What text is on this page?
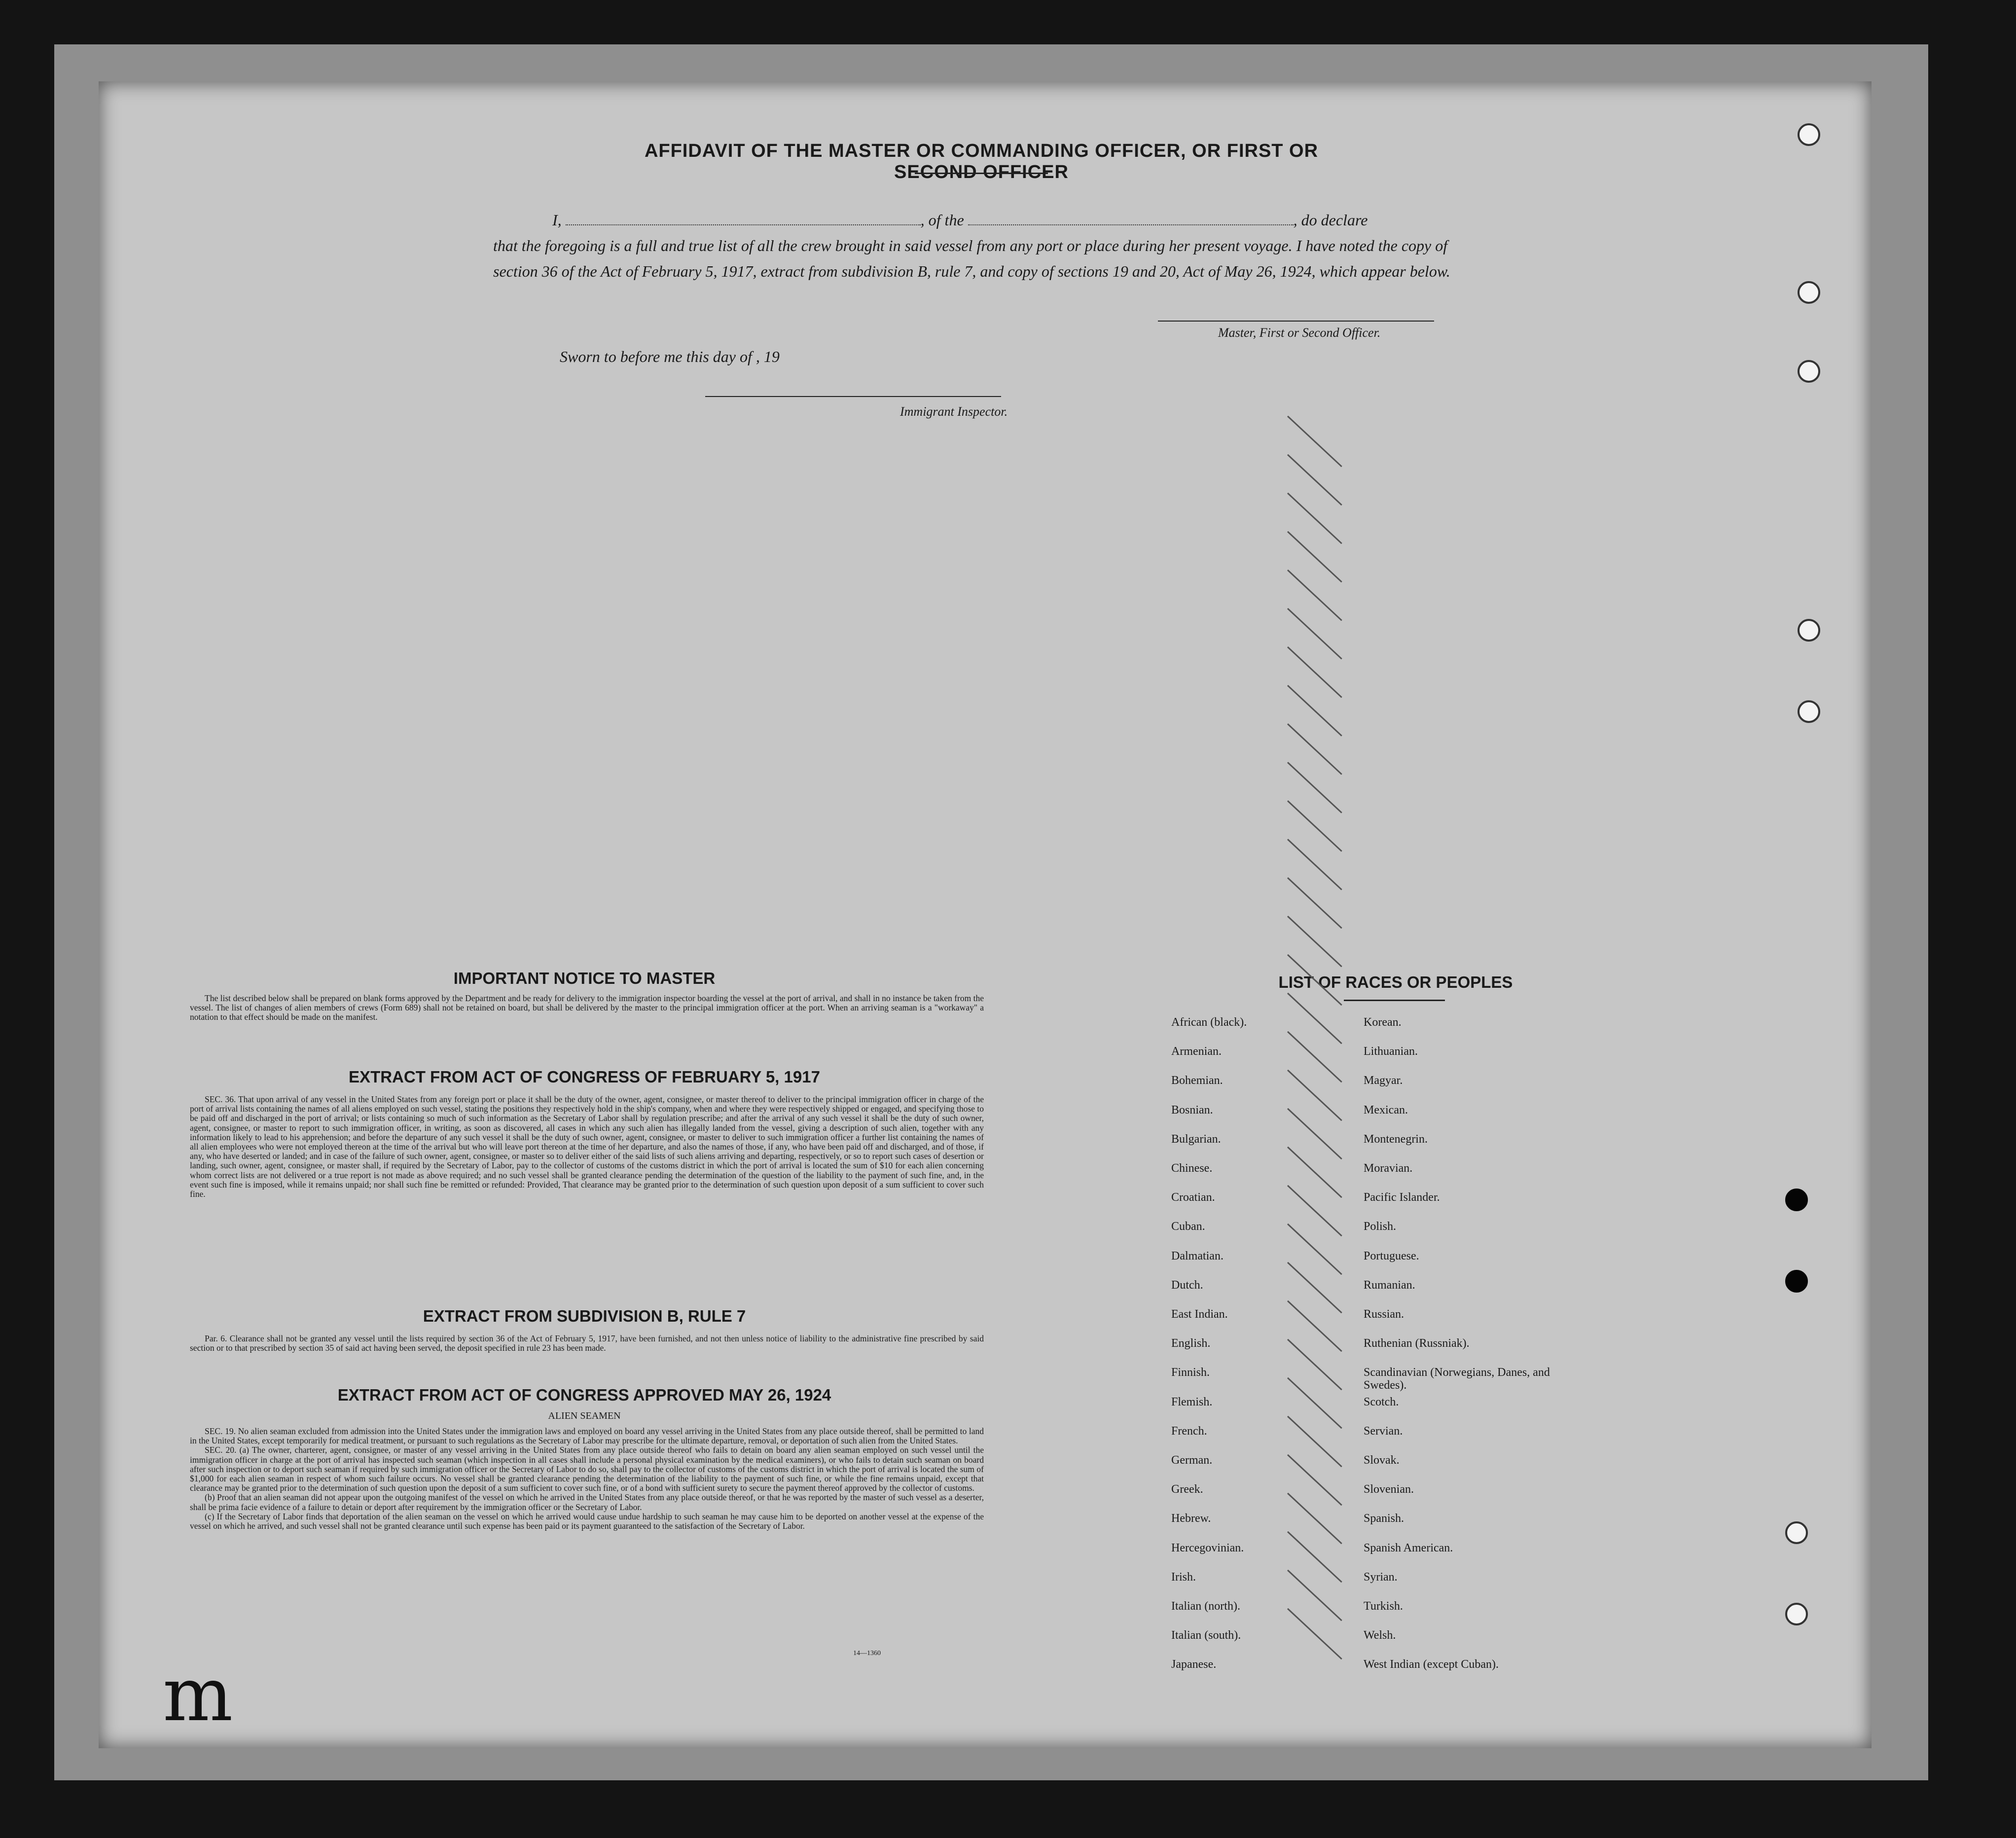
AFFIDAVIT OF THE MASTER OR COMMANDING OFFICER, OR FIRST OR SECOND OFFICER
I,	, of the	, do declare
that the foregoing is a full and true list of all the crew brought in said vessel from any port or place during her present voyage. I have noted the copy of section 36 of the Act of February 5, 1917, extract from subdivision B, rule 7, and copy of sections 19 and 20, Act of May 26, 1924, which appear below.
Master, First or Second Officer.
Sworn to before me this day of , 19
Immigrant Inspector.
IMPORTANT NOTICE TO MASTER

The list described below shall be prepared on blank forms approved by the Department and be ready for delivery to the immigration inspector boarding the vessel at the port of arrival, and shall in no instance be taken from the vessel. The list of changes of alien members of crews (Form 689) shall not be retained on board, but shall be delivered by the master to the principal immigration officer at the port. When an arriving seaman is a "workaway" a notation to that effect should be made on the manifest.

EXTRACT FROM ACT OF CONGRESS OF FEBRUARY 5, 1917

SEC. 36. That upon arrival of any vessel in the United States from any foreign port or place it shall be the duty of the owner, agent, consignee, or master thereof to deliver to the principal immigration officer in charge of the port of arrival lists containing the names of all aliens employed on such vessel, stating the positions they respectively hold in the ship's company, when and where they were respectively shipped or engaged, and specifying those to be paid off and discharged in the port of arrival; or lists containing so much of such information as the Secretary of Labor shall by regulation prescribe; and after the arrival of any such vessel it shall be the duty of such owner, agent, consignee, or master to report to such immigration officer, in writing, as soon as discovered, all cases in which any such alien has illegally landed from the vessel, giving a description of such alien, together with any information likely to lead to his apprehension; and before the departure of any such vessel it shall be the duty of such owner, agent, consignee, or master to deliver to such immigration officer a further list containing the names of all alien employees who were not employed thereon at the time of the arrival but who will leave port thereon at the time of her departure, and also the names of those, if any, who have been paid off and discharged, and of those, if any, who have deserted or landed; and in case of the failure of such owner, agent, consignee, or master so to deliver either of the said lists of such aliens arriving and departing, respectively, or so to report such cases of desertion or landing, such owner, agent, consignee, or master shall, if required by the Secretary of Labor, pay to the collector of customs of the customs district in which the port of arrival is located the sum of $10 for each alien concerning whom correct lists are not delivered or a true report is not made as above required; and no such vessel shall be granted clearance pending the determination of the question of the liability to the payment of such fine, and, in the event such fine is imposed, while it remains unpaid; nor shall such fine be remitted or refunded: Provided, That clearance may be granted prior to the determination of such question upon deposit of a sum sufficient to cover such fine.

EXTRACT FROM SUBDIVISION B, RULE 7

Par. 6. Clearance shall not be granted any vessel until the lists required by section 36 of the Act of February 5, 1917, have been furnished, and not then unless notice of liability to the administrative fine prescribed by said section or to that prescribed by section 35 of said act having been served, the deposit specified in rule 23 has been made.

EXTRACT FROM ACT OF CONGRESS APPROVED MAY 26, 1924
ALIEN SEAMEN

SEC. 19. No alien seaman excluded from admission into the United States under the immigration laws and employed on board any vessel arriving in the United States from any place outside thereof, shall be permitted to land in the United States, except temporarily for medical treatment, or pursuant to such regulations as the Secretary of Labor may prescribe for the ultimate departure, removal, or deportation of such alien from the United States.

SEC. 20. (a) The owner, charterer, agent, consignee, or master of any vessel arriving in the United States from any place outside thereof who fails to detain on board any alien seaman employed on such vessel until the immigration officer in charge at the port of arrival has inspected such seaman (which inspection in all cases shall include a personal physical examination by the medical examiners), or who fails to detain such seaman on board after such inspection or to deport such seaman if required by such immigration officer or the Secretary of Labor to do so, shall pay to the collector of customs of the customs district in which the port of arrival is located the sum of $1,000 for each alien seaman in respect of whom such failure occurs. No vessel shall be granted clearance pending the determination of the liability to the payment of such fine, or while the fine remains unpaid, except that clearance may be granted prior to the determination of such question upon the deposit of a sum sufficient to cover such fine, or of a bond with sufficient surety to secure the payment thereof approved by the collector of customs.

(b) Proof that an alien seaman did not appear upon the outgoing manifest of the vessel on which he arrived in the United States from any place outside thereof, or that he was reported by the master of such vessel as a deserter, shall be prima facie evidence of a failure to detain or deport after requirement by the immigration officer or the Secretary of Labor.

(c) If the Secretary of Labor finds that deportation of the alien seaman on the vessel on which he arrived would cause undue hardship to such seaman he may cause him to be deported on another vessel at the expense of the vessel on which he arrived, and such vessel shall not be granted clearance until such expense has been paid or its payment guaranteed to the satisfaction of the Secretary of Labor.

14—1360
LIST OF RACES OR PEOPLES
African (black).
Armenian.
Bohemian.
Bosnian.
Bulgarian.
Chinese.
Croatian.
Cuban.
Dalmatian.
Dutch.
East Indian.
English.
Finnish.
Flemish.
French.
German.
Greek.
Hebrew.
Hercegovinian.
Irish.
Italian (north).
Italian (south).
Japanese.
Korean.
Lithuanian.
Magyar.
Mexican.
Montenegrin.
Moravian.
Pacific Islander.
Polish.
Portuguese.
Rumanian.
Russian.
Ruthenian (Russniak).
Scandinavian (Norwegians, Danes, and Swedes).
Scotch.
Servian.
Slovak.
Slovenian.
Spanish.
Spanish American.
Syrian.
Turkish.
Welsh.
West Indian (except Cuban).
m
